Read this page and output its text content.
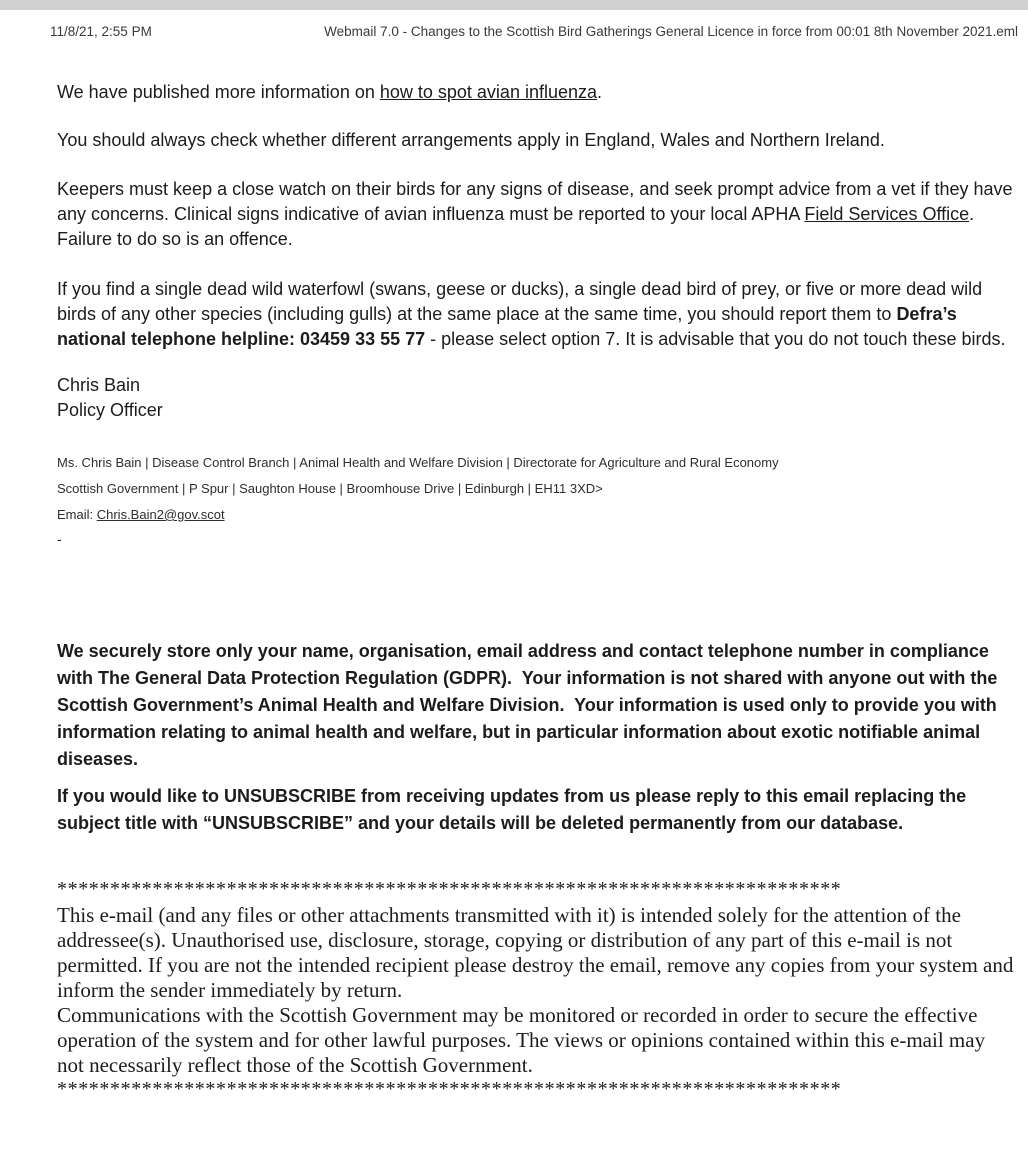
11/8/21, 2:55 PM	Webmail 7.0 - Changes to the Scottish Bird Gatherings General Licence in force from 00:01 8th November 2021.eml

We have published more information on how to spot avian influenza.

You should always check whether different arrangements apply in England, Wales and Northern Ireland.

Keepers must keep a close watch on their birds for any signs of disease, and seek prompt advice from a vet if they have any concerns. Clinical signs indicative of avian influenza must be reported to your local APHA Field Services Office. Failure to do so is an offence.

If you find a single dead wild waterfowl (swans, geese or ducks), a single dead bird of prey, or five or more dead wild birds of any other species (including gulls) at the same place at the same time, you should report them to Defra’s national telephone helpline: 03459 33 55 77 - please select option 7. It is advisable that you do not touch these birds.

Chris Bain

Policy Officer

Ms. Chris Bain | Disease Control Branch | Animal Health and Welfare Division | Directorate for Agriculture and Rural Economy

Scottish Government | P Spur | Saughton House | Broomhouse Drive | Edinburgh | EH11 3XD>

Email: Chris.Bain2@gov.scot

-

We securely store only your name, organisation, email address and contact telephone number in compliance with The General Data Protection Regulation (GDPR).  Your information is not shared with anyone out with the Scottish Government’s Animal Health and Welfare Division.  Your information is used only to provide you with information relating to animal health and welfare, but in particular information about exotic notifiable animal diseases.

If you would like to UNSUBSCRIBE from receiving updates from us please reply to this email replacing the subject title with “UNSUBSCRIBE” and your details will be deleted permanently from our database.

**************************************************************************

This e-mail (and any files or other attachments transmitted with it) is intended solely for the attention of the addressee(s). Unauthorised use, disclosure, storage, copying or distribution of any part of this e-mail is not permitted. If you are not the intended recipient please destroy the email, remove any copies from your system and inform the sender immediately by return.

Communications with the Scottish Government may be monitored or recorded in order to secure the effective operation of the system and for other lawful purposes. The views or opinions contained within this e-mail may not necessarily reflect those of the Scottish Government.

**************************************************************************
